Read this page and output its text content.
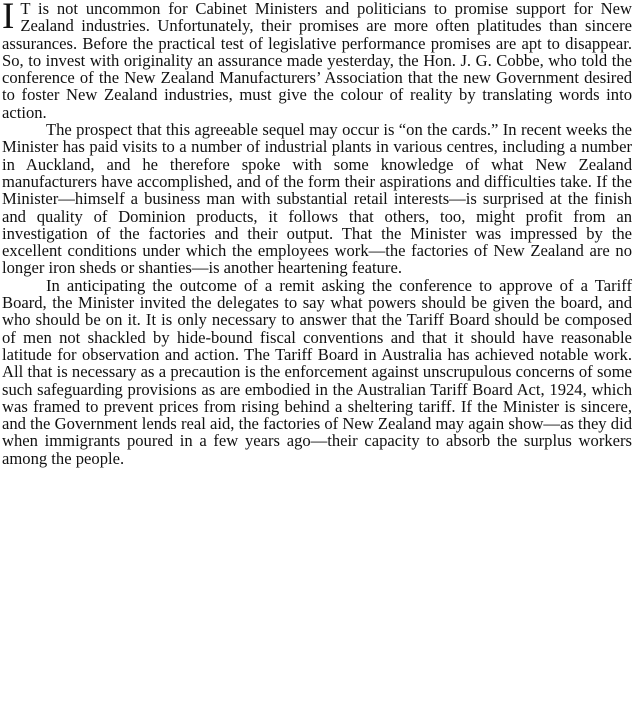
I T is not uncommon for Cabinet Ministers and politicians to promise support for New Zealand industries. Unfortunately, their promises are more often platitudes than sincere assurances. Before the practical test of legislative performance promises are apt to disappear. So, to invest with originality an assurance made yesterday, the Hon. J. G. Cobbe, who told the conference of the New Zealand Manufacturers’ Association that the new Government desired to foster New Zealand industries, must give the colour of reality by translating words into action.

The prospect that this agreeable sequel may occur is “on the cards.” In recent weeks the Minister has paid visits to a number of industrial plants in various centres, including a number in Auckland, and he therefore spoke with some knowledge of what New Zealand manufacturers have accomplished, and of the form their aspirations and difficulties take. If the Minister—himself a business man with substantial retail interests—is surprised at the finish and quality of Dominion products, it follows that others, too, might profit from an investigation of the factories and their output. That the Minister was impressed by the excellent conditions under which the employees work—the factories of New Zealand are no longer iron sheds or shanties—is another heartening feature.

In anticipating the outcome of a remit asking the conference to approve of a Tariff Board, the Minister invited the delegates to say what powers should be given the board, and who should be on it. It is only necessary to answer that the Tariff Board should be composed of men not shackled by hide-bound fiscal conventions and that it should have reasonable latitude for observation and action. The Tariff Board in Australia has achieved notable work. All that is necessary as a precaution is the enforcement against unscrupulous concerns of some such safeguarding provisions as are embodied in the Australian Tariff Board Act, 1924, which was framed to prevent prices from rising behind a sheltering tariff. If the Minister is sincere, and the Government lends real aid, the factories of New Zealand may again show—as they did when immigrants poured in a few years ago—their capacity to absorb the surplus workers among the people.
